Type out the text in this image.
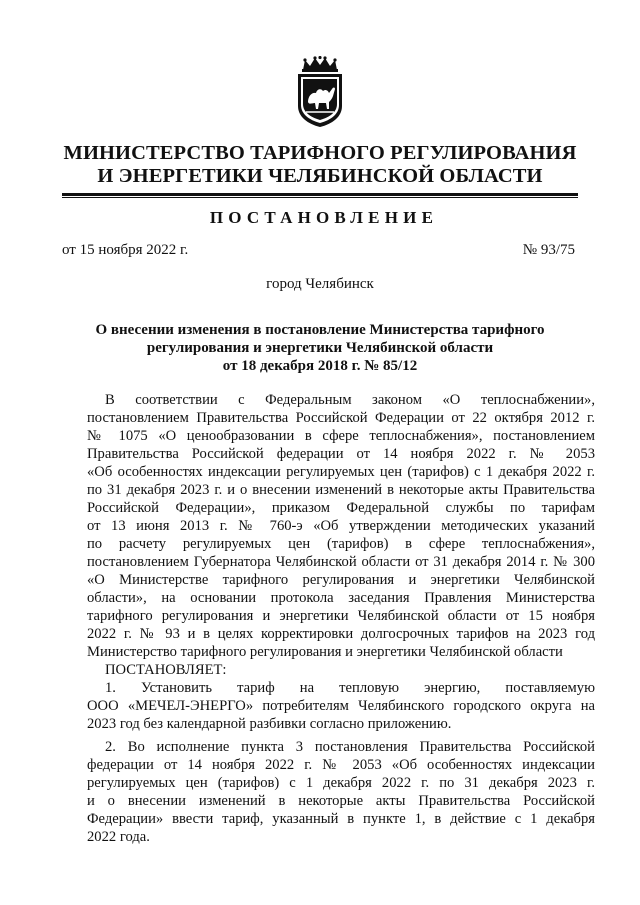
МИНИСТЕРСТВО ТАРИФНОГО РЕГУЛИРОВАНИЯ
И ЭНЕРГЕТИКИ ЧЕЛЯБИНСКОЙ ОБЛАСТИ
ПОСТАНОВЛЕНИЕ
от 15 ноября 2022 г.	№ 93/75
город Челябинск
О внесении изменения в постановление Министерства тарифного
регулирования и энергетики Челябинской области
от 18 декабря 2018 г. № 85/12
В соответствии с Федеральным законом «О теплоснабжении»,
постановлением Правительства Российской Федерации от 22 октября 2012 г.
№ 1075 «О ценообразовании в сфере теплоснабжения», постановлением
Правительства Российской федерации от 14 ноября 2022 г. № 2053
«Об особенностях индексации регулируемых цен (тарифов) с 1 декабря 2022 г.
по 31 декабря 2023 г. и о внесении изменений в некоторые акты Правительства
Российской Федерации», приказом Федеральной службы по тарифам
от 13 июня 2013 г. № 760-э «Об утверждении методических указаний
по расчету регулируемых цен (тарифов) в сфере теплоснабжения»,
постановлением Губернатора Челябинской области от 31 декабря 2014 г. № 300
«О Министерстве тарифного регулирования и энергетики Челябинской
области», на основании протокола заседания Правления Министерства
тарифного регулирования и энергетики Челябинской области от 15 ноября
2022 г. № 93 и в целях корректировки долгосрочных тарифов на 2023 год
Министерство тарифного регулирования и энергетики Челябинской области
ПОСТАНОВЛЯЕТ:
1. Установить тариф на тепловую энергию, поставляемую
ООО «МЕЧЕЛ-ЭНЕРГО» потребителям Челябинского городского округа на
2023 год без календарной разбивки согласно приложению.
2. Во исполнение пункта 3 постановления Правительства Российской
федерации от 14 ноября 2022 г. № 2053 «Об особенностях индексации
регулируемых цен (тарифов) с 1 декабря 2022 г. по 31 декабря 2023 г.
и о внесении изменений в некоторые акты Правительства Российской
Федерации» ввести тариф, указанный в пункте 1, в действие с 1 декабря
2022 года.
